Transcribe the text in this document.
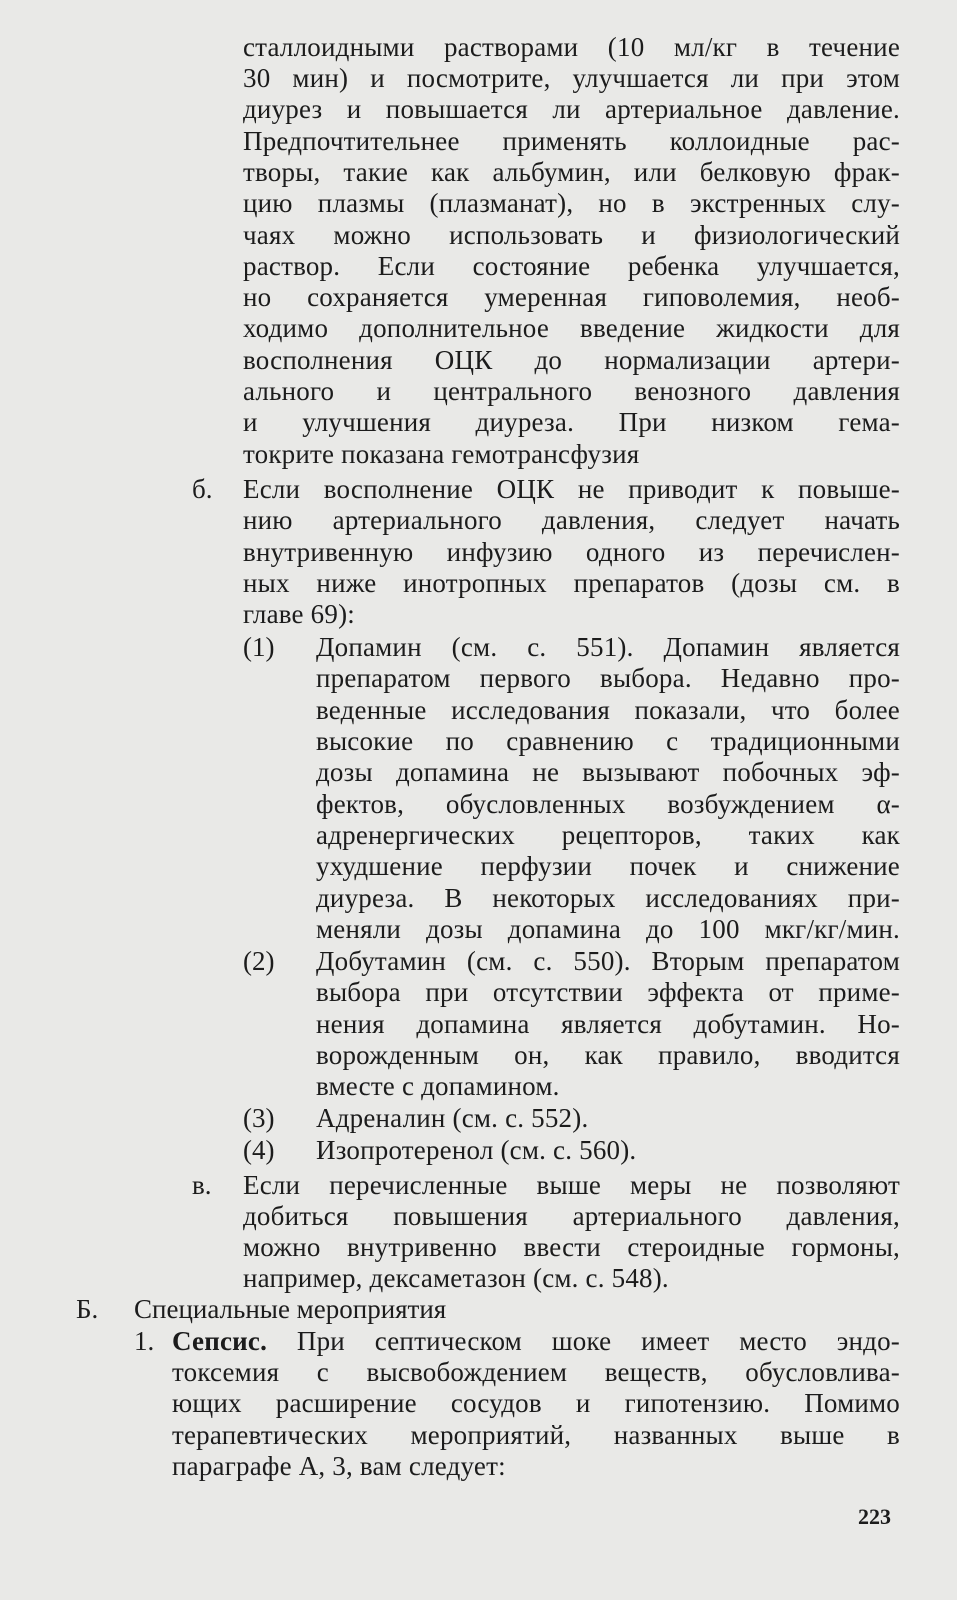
сталлоидными растворами (10 мл/кг в течение
30 мин) и посмотрите, улучшается ли при этом
диурез и повышается ли артериальное давление.
Предпочтительнее применять коллоидные рас-
творы, такие как альбумин, или белковую фрак-
цию плазмы (плазманат), но в экстренных слу-
чаях можно использовать и физиологический
раствор. Если состояние ребенка улучшается,
но сохраняется умеренная гиповолемия, необ-
ходимо дополнительное введение жидкости для
восполнения ОЦК до нормализации артери-
ального и центрального венозного давления
и улучшения диуреза. При низком гема-
токрите показана гемотрансфузия
б. Если восполнение ОЦК не приводит к повыше-
нию артериального давления, следует начать
внутривенную инфузию одного из перечислен-
ных ниже инотропных препаратов (дозы см. в
главе 69):
(1) Допамин (см. с. 551). Допамин является
препаратом первого выбора. Недавно про-
веденные исследования показали, что более
высокие по сравнению с традиционными
дозы допамина не вызывают побочных эф-
фектов, обусловленных возбуждением α-
адренергических рецепторов, таких как
ухудшение перфузии почек и снижение
диуреза. В некоторых исследованиях при-
меняли дозы допамина до 100 мкг/кг/мин.
(2) Добутамин (см. с. 550). Вторым препаратом
выбора при отсутствии эффекта от приме-
нения допамина является добутамин. Но-
ворожденным он, как правило, вводится
вместе с допамином.
(3) Адреналин (см. с. 552).
(4) Изопротеренол (см. с. 560).
в. Если перечисленные выше меры не позволяют
добиться повышения артериального давления,
можно внутривенно ввести стероидные гормоны,
например, дексаметазон (см. с. 548).
Б. Специальные мероприятия
1. Сепсис. При септическом шоке имеет место эндо-
токсемия с высвобождением веществ, обусловлива-
ющих расширение сосудов и гипотензию. Помимо
терапевтических мероприятий, названных выше в
параграфе А, 3, вам следует:
223
